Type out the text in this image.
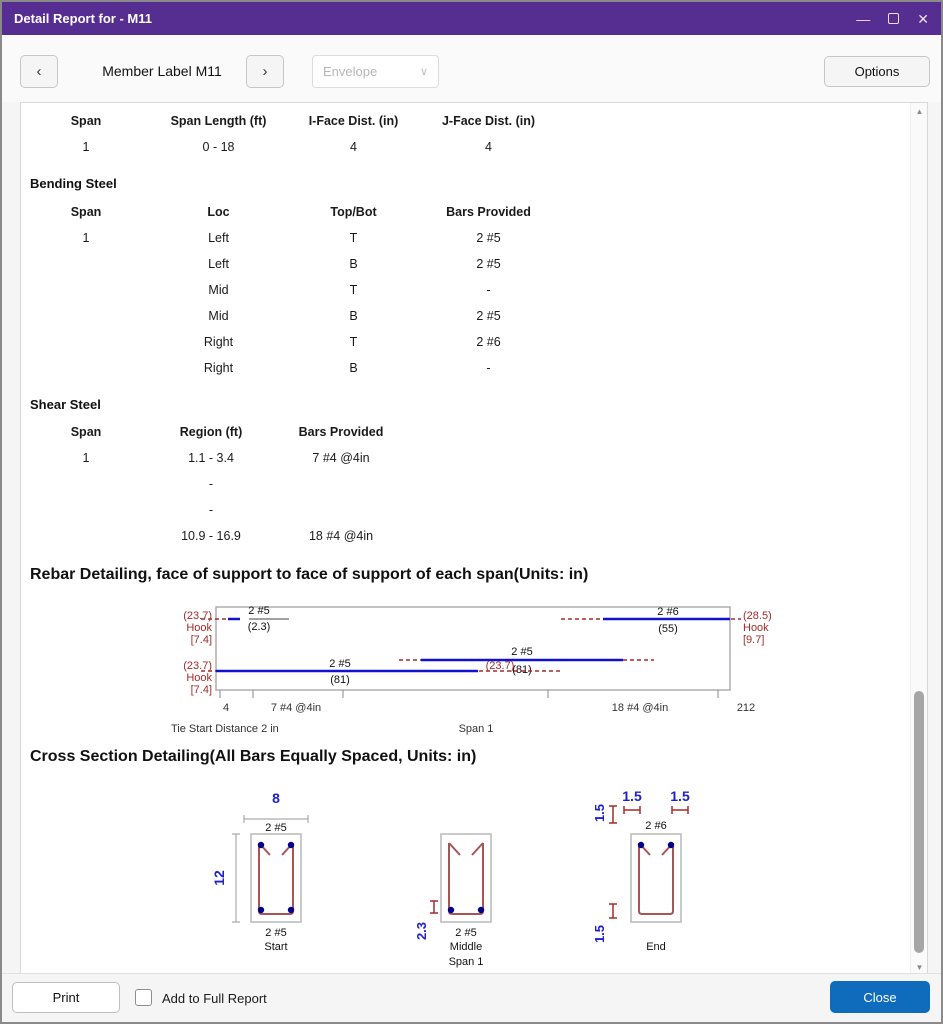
Detail Report for - M11	—	✕
‹	Member Label M11	›	Envelope	∨	Options
Span	Span Length (ft)	I-Face Dist. (in)	J-Face Dist. (in)
1	0 - 18	4	4
Bending Steel
Span	Loc	Top/Bot	Bars Provided
1	Left	T	2 #5
Left	B	2 #5
Mid	T	-
Mid	B	2 #5
Right	T	2 #6
Right	B	-
Shear Steel
Span	Region (ft)	Bars Provided
1	1.1 - 3.4	7 #4 @4in
-
-
10.9 - 16.9	18 #4 @4in
Rebar Detailing, face of support to face of support of each span(Units: in)
(23.7)
Hook
[7.4]
2 #5
(2.3)
2 #6
(55)
(28.5)
Hook
[9.7]
2 #5
(81)
(23.7)
Hook
[7.4]
2 #5
(81)
(23.7)
4	7 #4 @4in	18 #4 @4in	212
Tie Start Distance 2 in	Span 1
Cross Section Detailing(All Bars Equally Spaced, Units: in)
8
2 #5
12
2 #5
Start
2.3 2 #5
Middle
Span 1
1.5 1.5
1.5
2 #6
1.5
End
▲
▼
Print	Add to Full Report	Close
